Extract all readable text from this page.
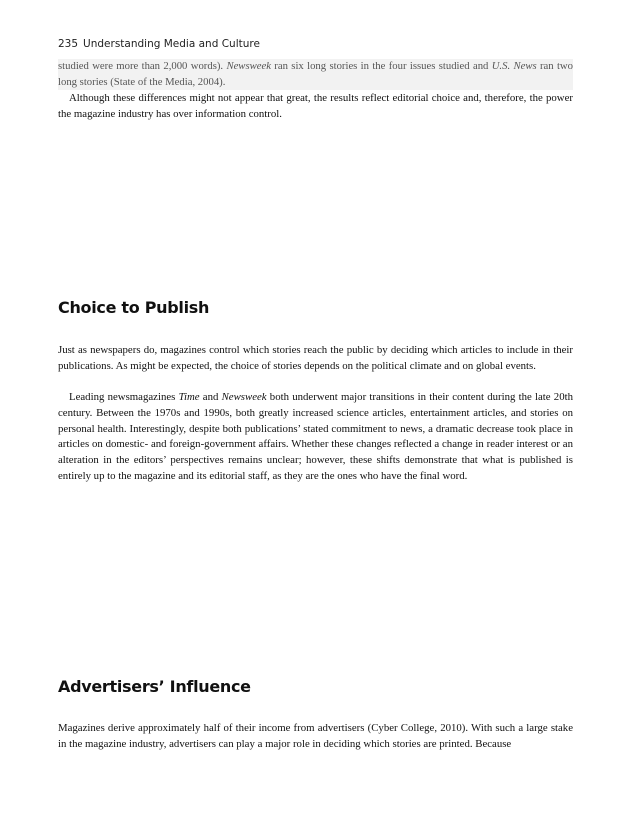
235 Understanding Media and Culture
studied were more than 2,000 words). Newsweek ran six long stories in the four issues studied and U.S. News ran two long stories (State of the Media, 2004).

Although these differences might not appear that great, the results reflect editorial choice and, therefore, the power the magazine industry has over information control.

Choice to Publish

Just as newspapers do, magazines control which stories reach the public by deciding which articles to include in their publications. As might be expected, the choice of stories depends on the political climate and on global events.

Leading newsmagazines Time and Newsweek both underwent major transitions in their content during the late 20th century. Between the 1970s and 1990s, both greatly increased science articles, entertainment articles, and stories on personal health. Interestingly, despite both publications’ stated commitment to news, a dramatic decrease took place in articles on domestic- and foreign-government affairs. Whether these changes reflected a change in reader interest or an alteration in the editors’ perspectives remains unclear; however, these shifts demonstrate that what is published is entirely up to the magazine and its editorial staff, as they are the ones who have the final word.

Advertisers’ Influence

Magazines derive approximately half of their income from advertisers (Cyber College, 2010). With such a large stake in the magazine industry, advertisers can play a major role in deciding which stories are printed. Because
